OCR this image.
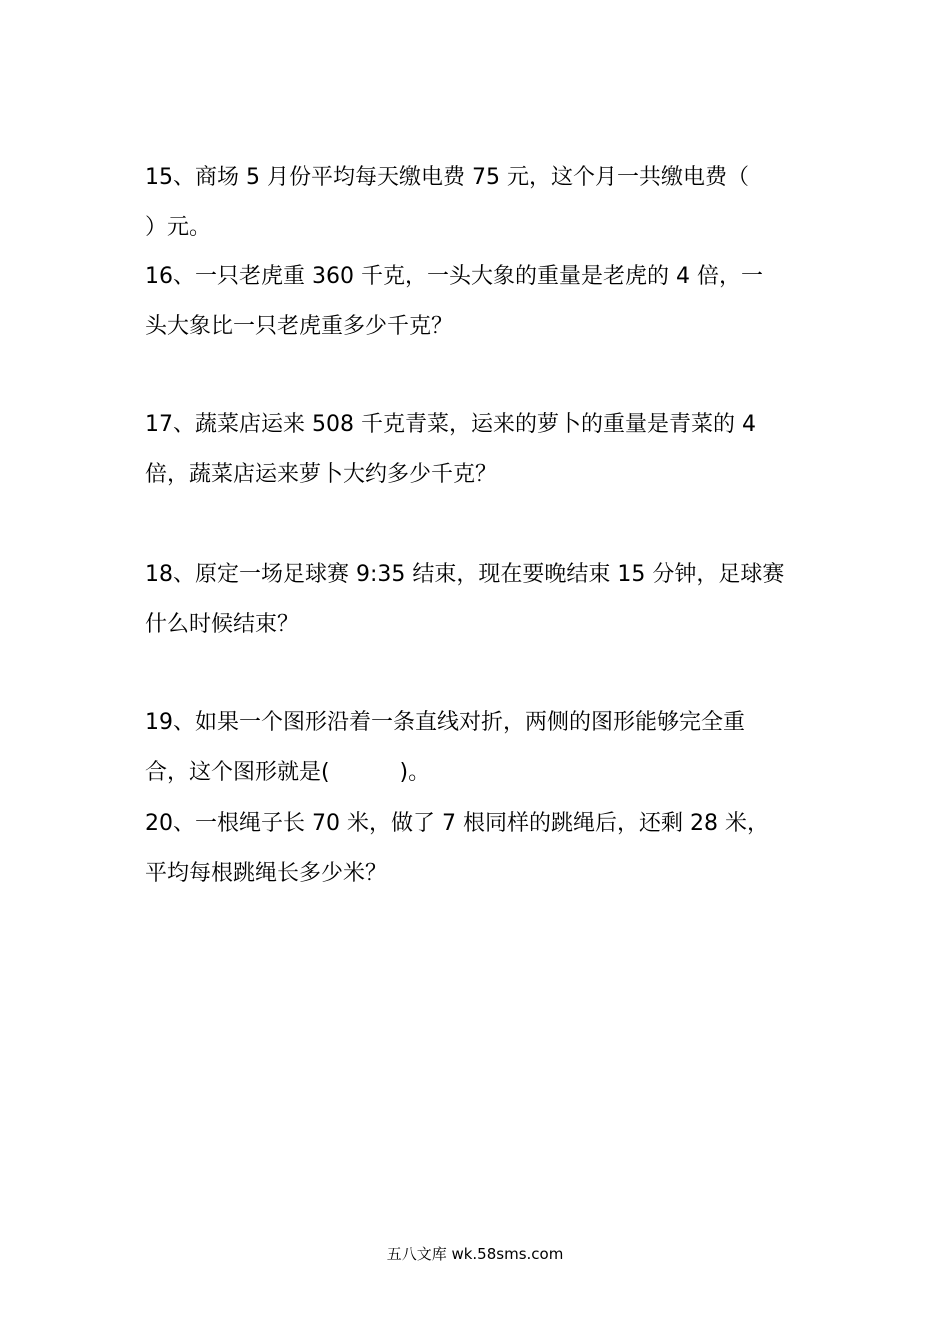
15、商场 5 月份平均每天缴电费 75 元，这个月一共缴电费（
）元。
16、一只老虎重 360 千克，一头大象的重量是老虎的 4 倍，一
头大象比一只老虎重多少千克？
17、蔬菜店运来 508 千克青菜，运来的萝卜的重量是青菜的 4
倍，蔬菜店运来萝卜大约多少千克？
18、原定一场足球赛 9:35 结束，现在要晚结束 15 分钟，足球赛
什么时候结束？
19、如果一个图形沿着一条直线对折，两侧的图形能够完全重
合，这个图形就是(          )。
20、一根绳子长 70 米，做了 7 根同样的跳绳后，还剩 28 米，
平均每根跳绳长多少米？
五八文库 wk.58sms.com
